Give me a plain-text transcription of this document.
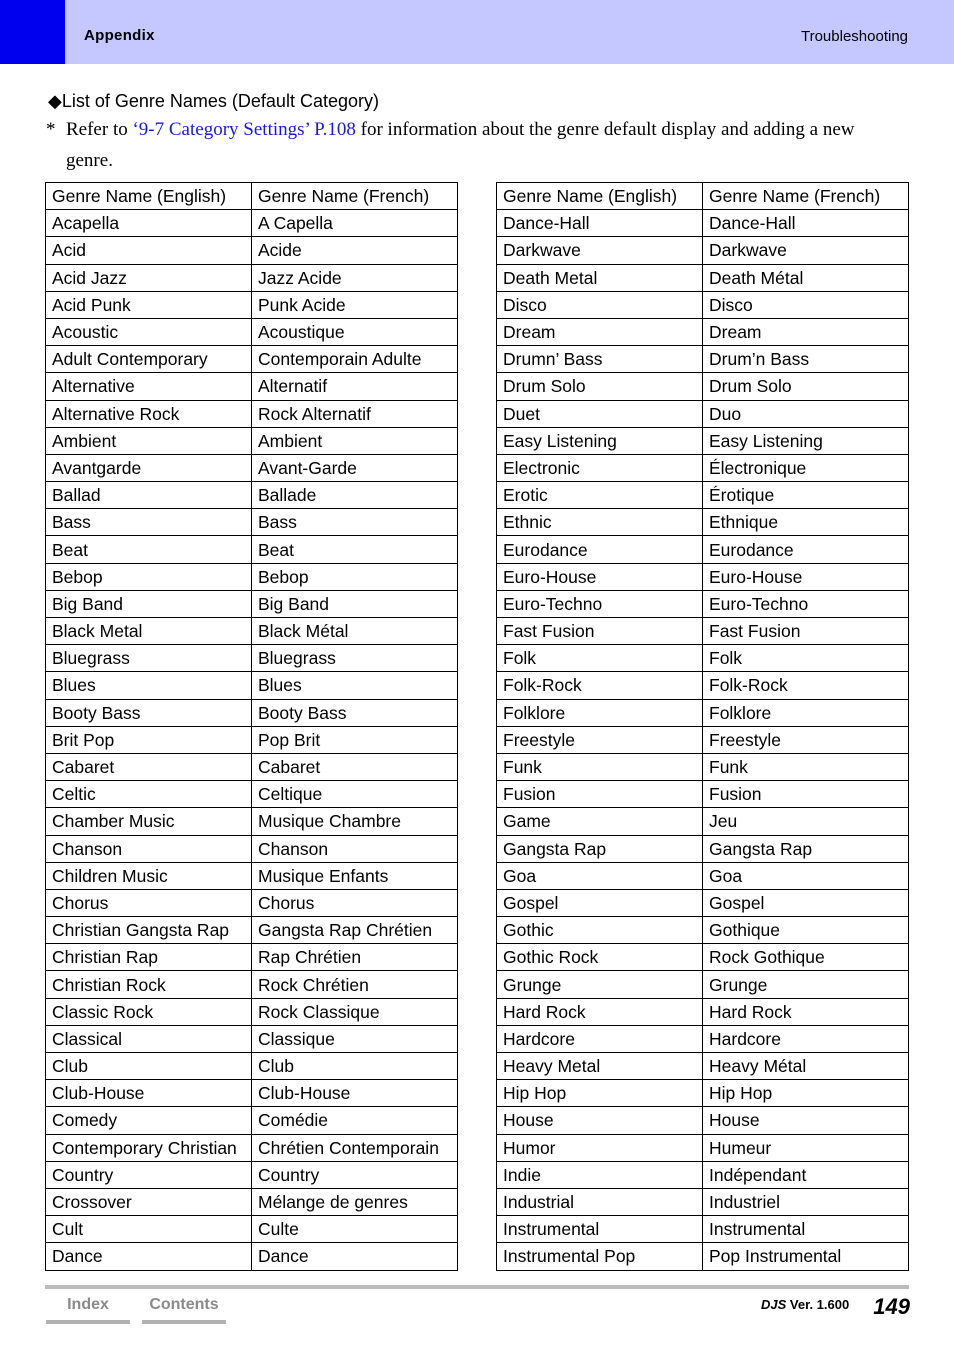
Appendix	Troubleshooting
◆List of Genre Names (Default Category)
* Refer to ‘9-7 Category Settings’ P.108 for information about the genre default display and adding a new genre.
Genre Name (English)	Genre Name (French)
Acapella	A Capella
Acid	Acide
Acid Jazz	Jazz Acide
Acid Punk	Punk Acide
Acoustic	Acoustique
Adult Contemporary	Contemporain Adulte
Alternative	Alternatif
Alternative Rock	Rock Alternatif
Ambient	Ambient
Avantgarde	Avant-Garde
Ballad	Ballade
Bass	Bass
Beat	Beat
Bebop	Bebop
Big Band	Big Band
Black Metal	Black Métal
Bluegrass	Bluegrass
Blues	Blues
Booty Bass	Booty Bass
Brit Pop	Pop Brit
Cabaret	Cabaret
Celtic	Celtique
Chamber Music	Musique Chambre
Chanson	Chanson
Children Music	Musique Enfants
Chorus	Chorus
Christian Gangsta Rap	Gangsta Rap Chrétien
Christian Rap	Rap Chrétien
Christian Rock	Rock Chrétien
Classic Rock	Rock Classique
Classical	Classique
Club	Club
Club-House	Club-House
Comedy	Comédie
Contemporary Christian	Chrétien Contemporain
Country	Country
Crossover	Mélange de genres
Cult	Culte
Dance	Dance
Genre Name (English)	Genre Name (French)
Dance-Hall	Dance-Hall
Darkwave	Darkwave
Death Metal	Death Métal
Disco	Disco
Dream	Dream
Drumn’ Bass	Drum’n Bass
Drum Solo	Drum Solo
Duet	Duo
Easy Listening	Easy Listening
Electronic	Électronique
Erotic	Érotique
Ethnic	Ethnique
Eurodance	Eurodance
Euro-House	Euro-House
Euro-Techno	Euro-Techno
Fast Fusion	Fast Fusion
Folk	Folk
Folk-Rock	Folk-Rock
Folklore	Folklore
Freestyle	Freestyle
Funk	Funk
Fusion	Fusion
Game	Jeu
Gangsta Rap	Gangsta Rap
Goa	Goa
Gospel	Gospel
Gothic	Gothique
Gothic Rock	Rock Gothique
Grunge	Grunge
Hard Rock	Hard Rock
Hardcore	Hardcore
Heavy Metal	Heavy Métal
Hip Hop	Hip Hop
House	House
Humor	Humeur
Indie	Indépendant
Industrial	Industriel
Instrumental	Instrumental
Instrumental Pop	Pop Instrumental
Index	Contents	DJS Ver. 1.600 149
